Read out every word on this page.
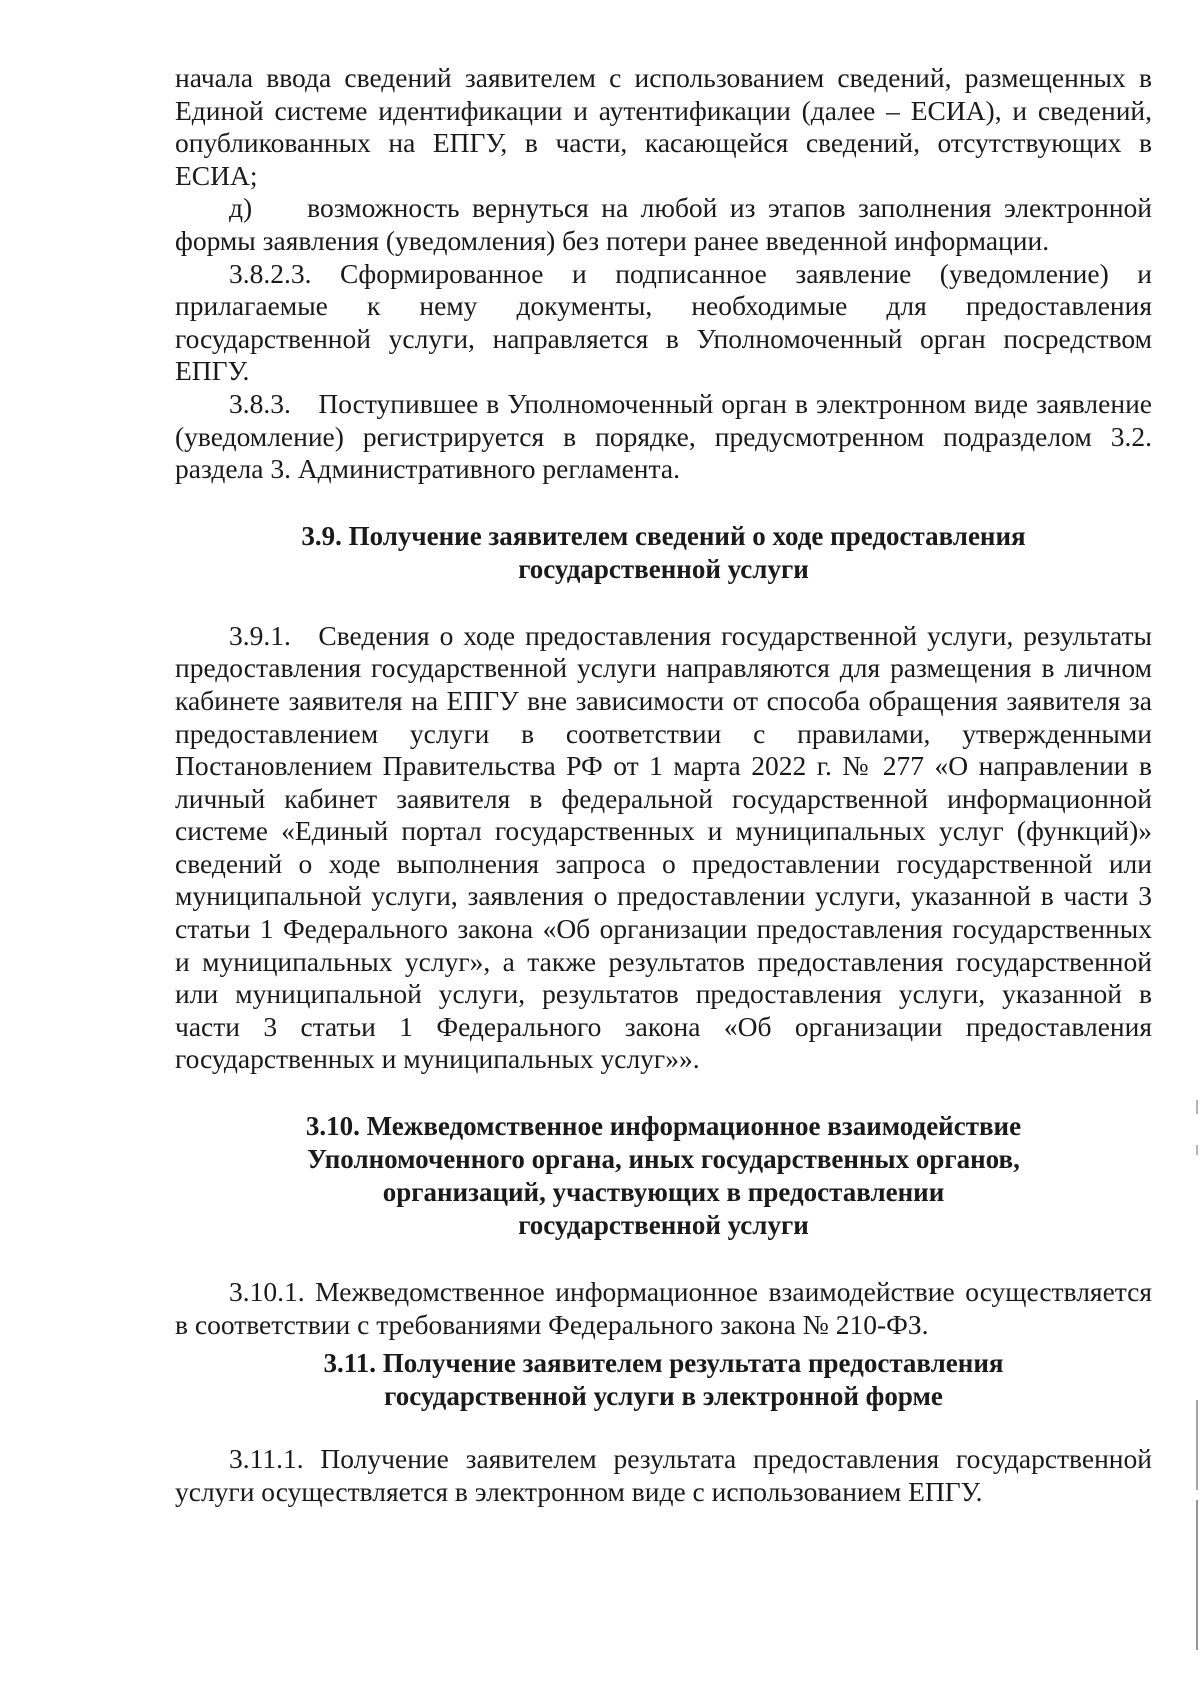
начала ввода сведений заявителем с использованием сведений, размещенных в Единой системе идентификации и аутентификации (далее – ЕСИА), и сведений, опубликованных на ЕПГУ, в части, касающейся сведений, отсутствующих в ЕСИА;

д)  возможность вернуться на любой из этапов заполнения электронной формы заявления (уведомления) без потери ранее введенной информации.

3.8.2.3. Сформированное и подписанное заявление (уведомление) и прилагаемые к нему документы, необходимые для предоставления государственной услуги, направляется в Уполномоченный орган посредством ЕПГУ.

3.8.3. Поступившее в Уполномоченный орган в электронном виде заявление (уведомление) регистрируется в порядке, предусмотренном подразделом 3.2. раздела 3. Административного регламента.

3.9. Получение заявителем сведений о ходе предоставления
государственной услуги

3.9.1. Сведения о ходе предоставления государственной услуги, результаты предоставления государственной услуги направляются для размещения в личном кабинете заявителя на ЕПГУ вне зависимости от способа обращения заявителя за предоставлением услуги в соответствии с правилами, утвержденными Постановлением Правительства РФ от 1 марта 2022 г. № 277 «О направлении в личный кабинет заявителя в федеральной государственной информационной системе «Единый портал государственных и муниципальных услуг (функций)» сведений о ходе выполнения запроса о предоставлении государственной или муниципальной услуги, заявления о предоставлении услуги, указанной в части 3 статьи 1 Федерального закона «Об организации предоставления государственных и муниципальных услуг», а также результатов предоставления государственной или муниципальной услуги, результатов предоставления услуги, указанной в части 3 статьи 1 Федерального закона «Об организации предоставления государственных и муниципальных услуг»».

3.10. Межведомственное информационное взаимодействие
Уполномоченного органа, иных государственных органов,
организаций, участвующих в предоставлении
государственной услуги

3.10.1. Межведомственное информационное взаимодействие осуществляется в соответствии с требованиями Федерального закона № 210-ФЗ.

3.11. Получение заявителем результата предоставления
государственной услуги в электронной форме

3.11.1. Получение заявителем результата предоставления государственной услуги осуществляется в электронном виде с использованием ЕПГУ.
